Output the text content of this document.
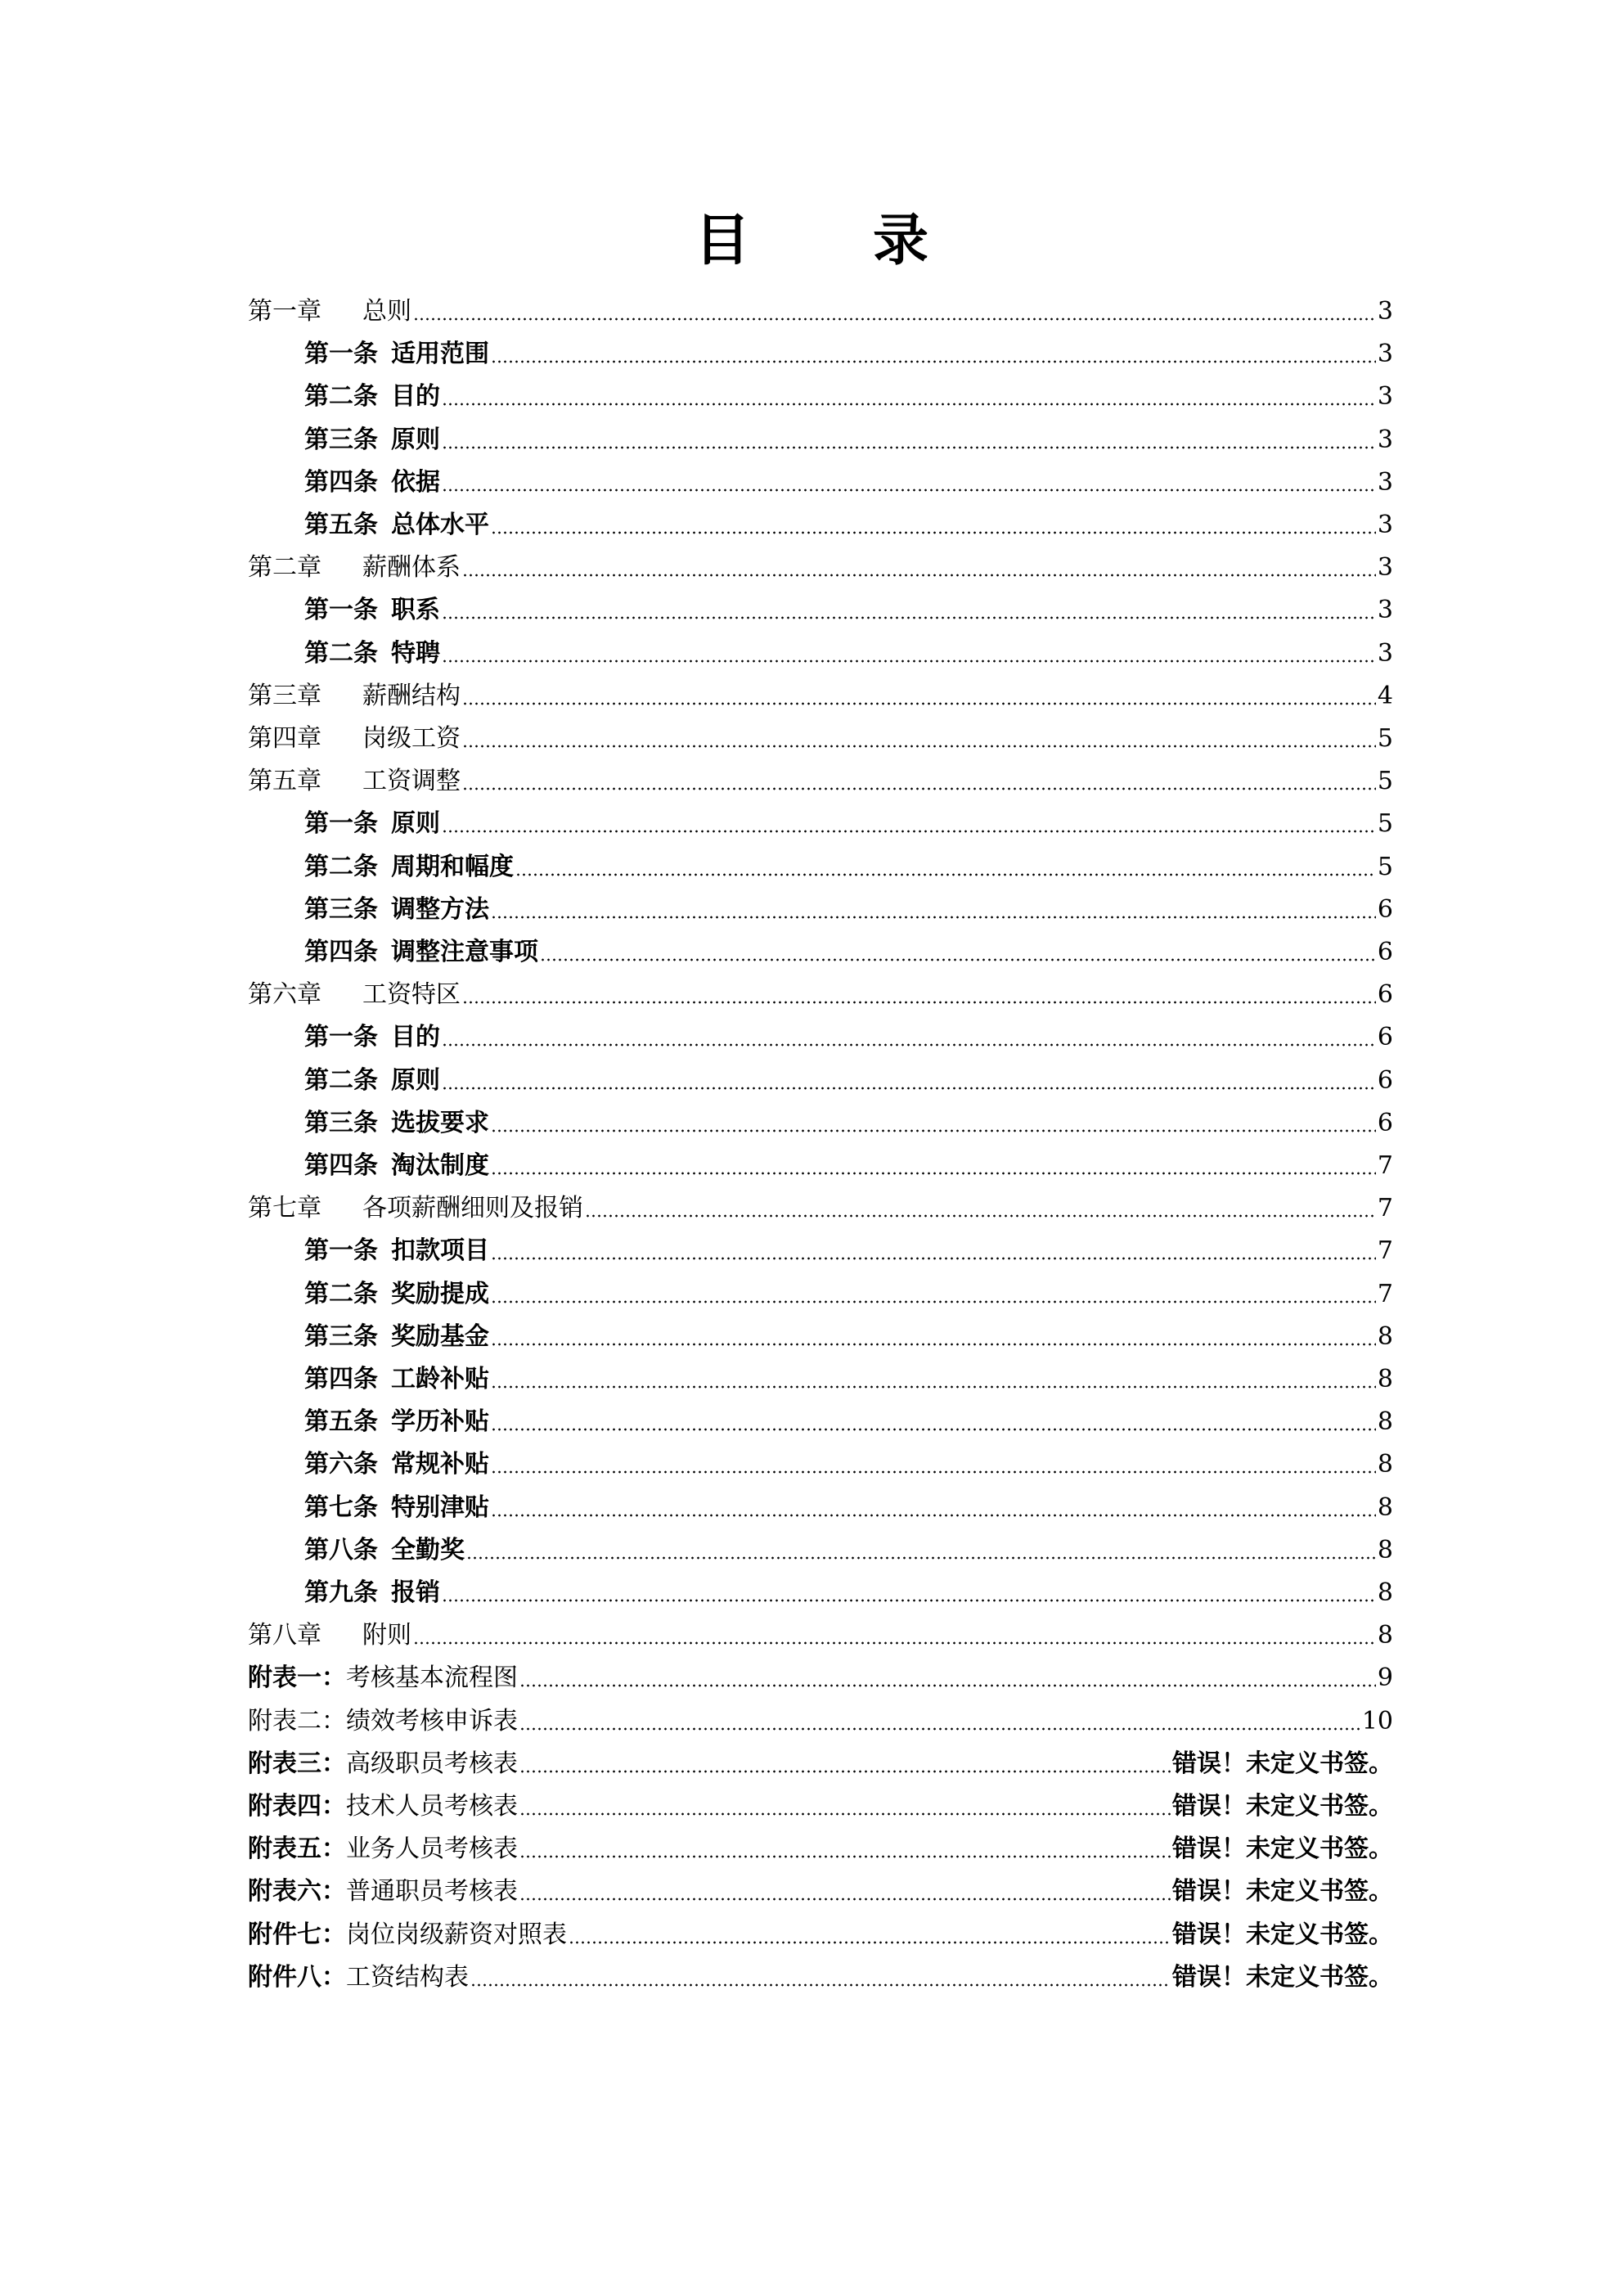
目 录
第一章 总则	3
第一条 适用范围	3
第二条 目的	3
第三条 原则	3
第四条 依据	3
第五条 总体水平	3
第二章 薪酬体系	3
第一条 职系	3
第二条 特聘	3
第三章 薪酬结构	4
第四章 岗级工资	5
第五章 工资调整	5
第一条 原则	5
第二条 周期和幅度	5
第三条 调整方法	6
第四条 调整注意事项	6
第六章 工资特区	6
第一条 目的	6
第二条 原则	6
第三条 选拔要求	6
第四条 淘汰制度	7
第七章 各项薪酬细则及报销	7
第一条 扣款项目	7
第二条 奖励提成	7
第三条 奖励基金	8
第四条 工龄补贴	8
第五条 学历补贴	8
第六条 常规补贴	8
第七条 特别津贴	8
第八条 全勤奖	8
第九条 报销	8
第八章 附则	8
附表一：考核基本流程图	9
附表二：绩效考核申诉表	10
附表三：高级职员考核表	错误！未定义书签。
附表四：技术人员考核表	错误！未定义书签。
附表五：业务人员考核表	错误！未定义书签。
附表六：普通职员考核表	错误！未定义书签。
附件七：岗位岗级薪资对照表	错误！未定义书签。
附件八：工资结构表	错误！未定义书签。
